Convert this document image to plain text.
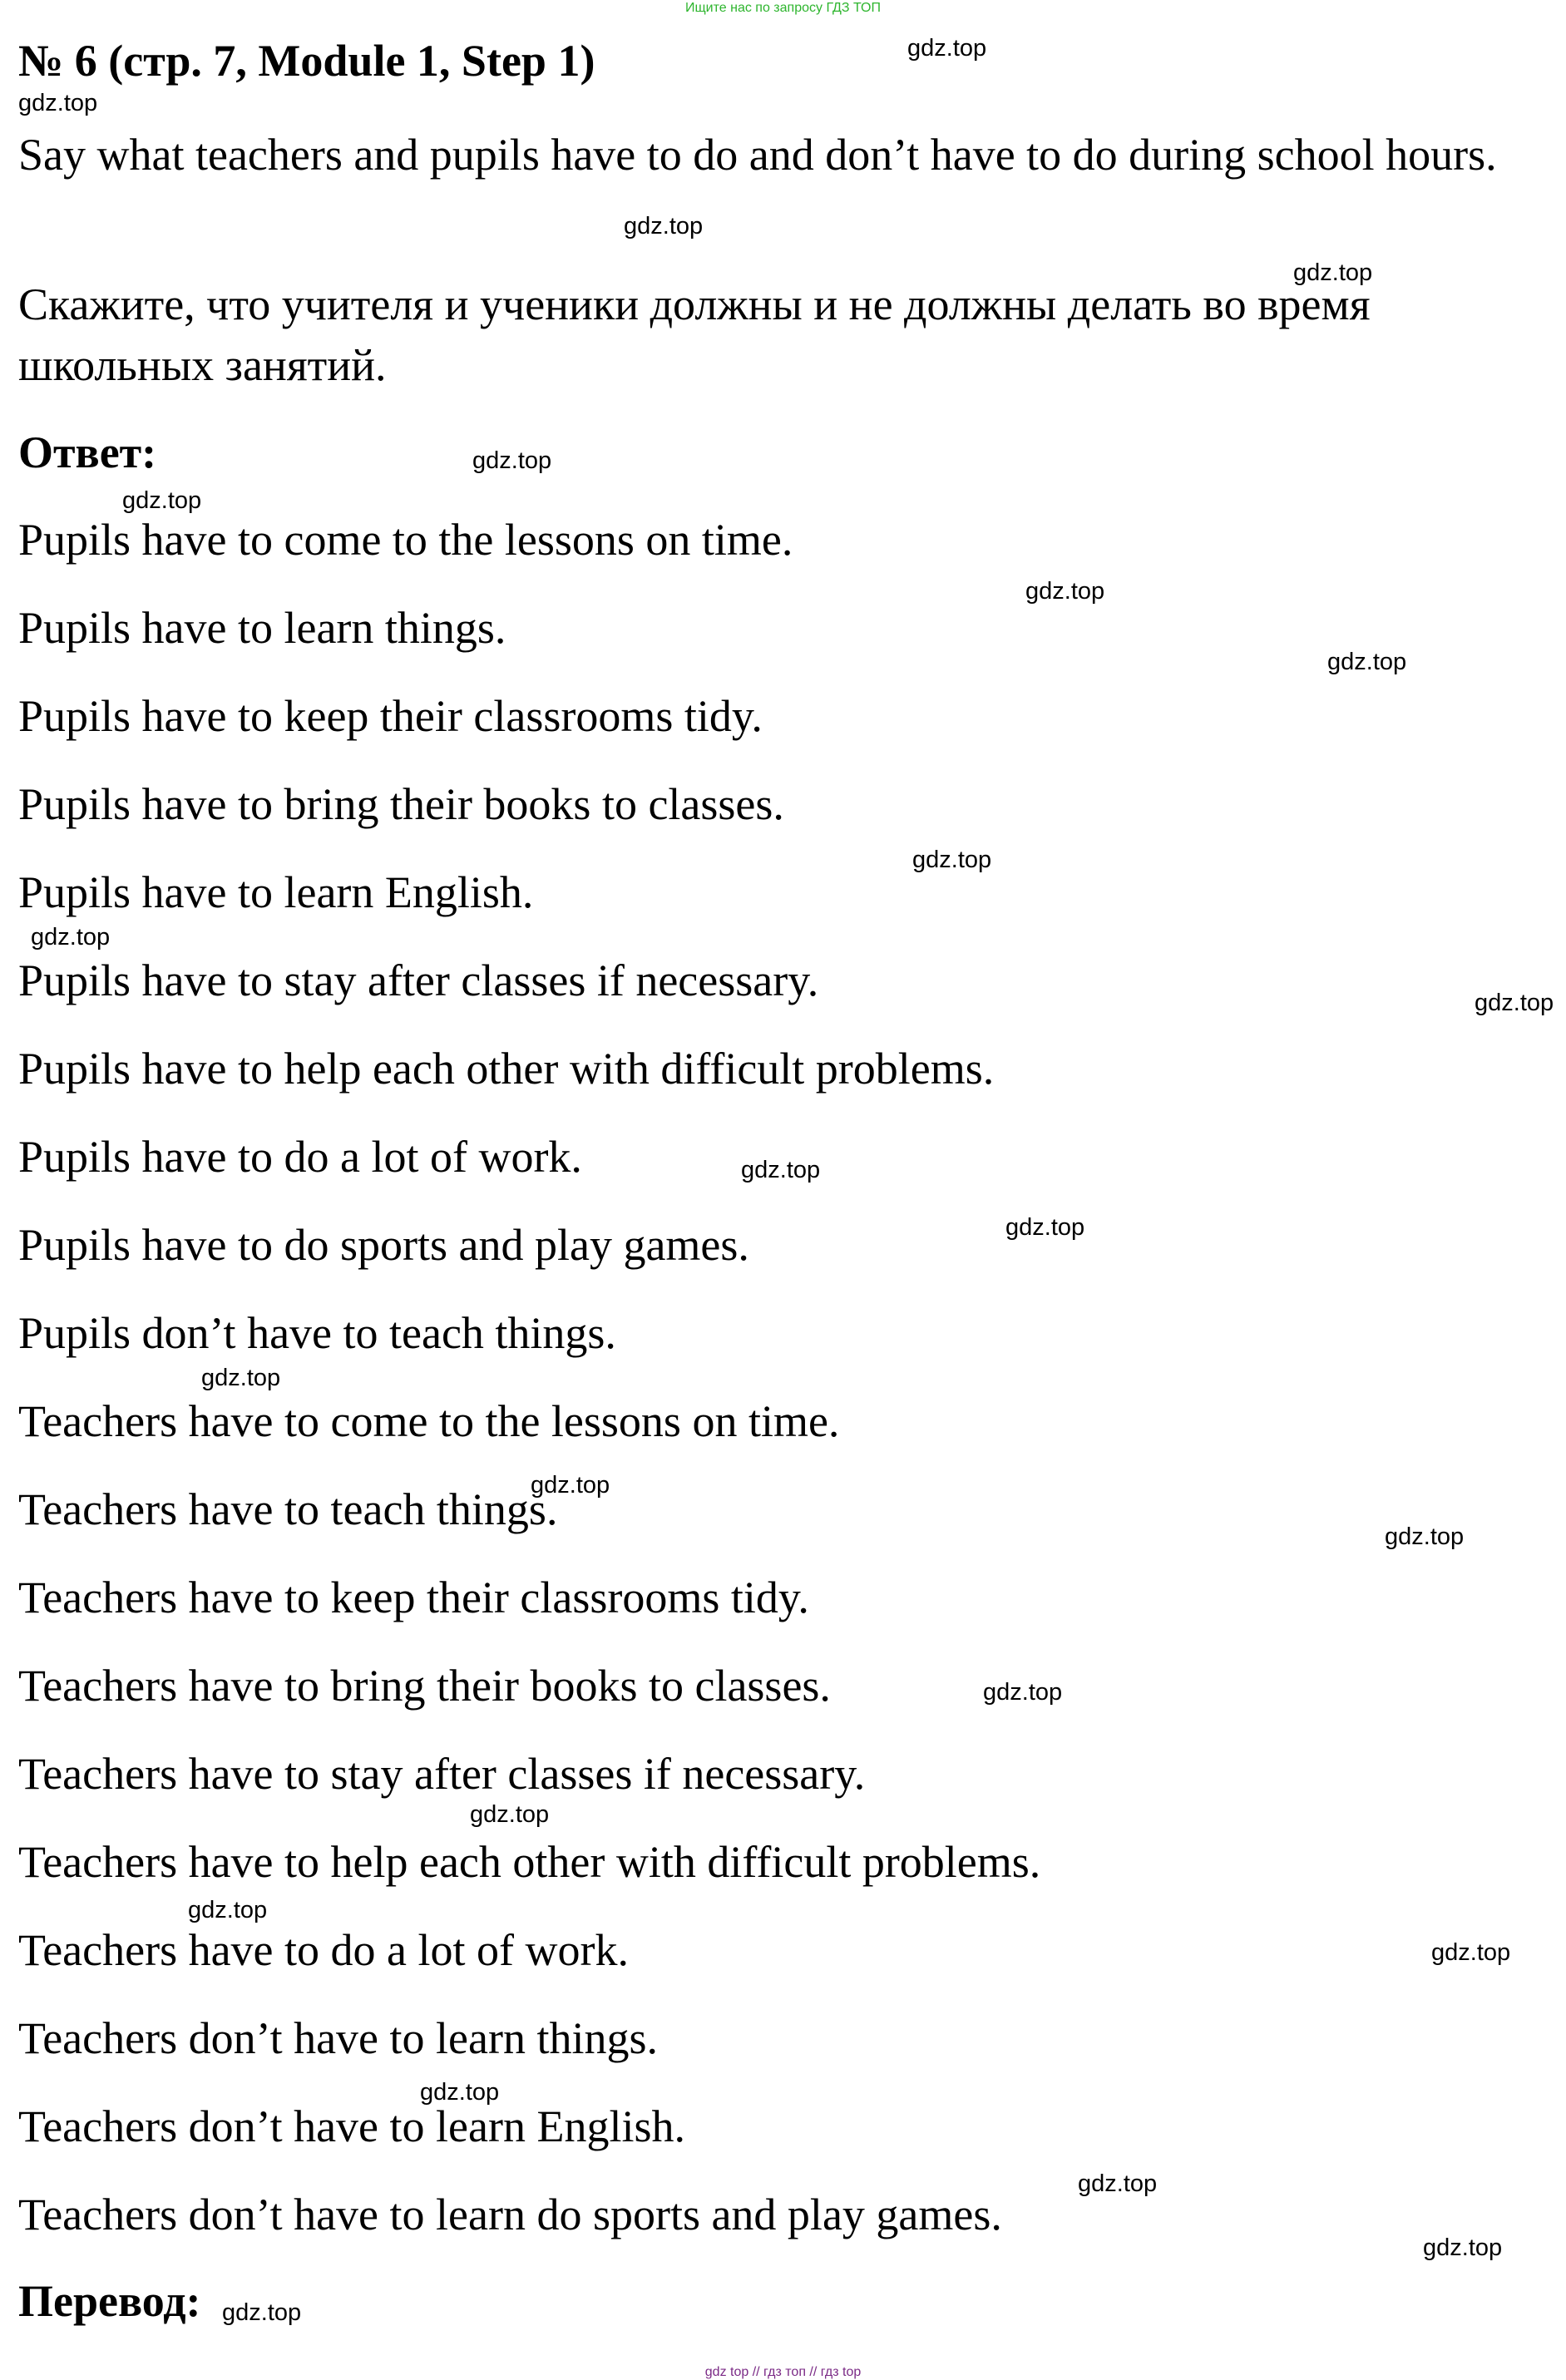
Ищите нас по запросу ГДЗ ТОП
№ 6 (стр. 7, Module 1, Step 1)
Say what teachers and pupils have to do and don’t have to do during school hours.
Скажите, что учителя и ученики должны и не должны делать во время школьных занятий.
Ответ:
Pupils have to come to the lessons on time.
Pupils have to learn things.
Pupils have to keep their classrooms tidy.
Pupils have to bring their books to classes.
Pupils have to learn English.
Pupils have to stay after classes if necessary.
Pupils have to help each other with difficult problems.
Pupils have to do a lot of work.
Pupils have to do sports and play games.
Pupils don’t have to teach things.
Teachers have to come to the lessons on time.
Teachers have to teach things.
Teachers have to keep their classrooms tidy.
Teachers have to bring their books to classes.
Teachers have to stay after classes if necessary.
Teachers have to help each other with difficult problems.
Teachers have to do a lot of work.
Teachers don’t have to learn things.
Teachers don’t have to learn English.
Teachers don’t have to learn do sports and play games.
Перевод:
gdz.top
gdz.top
gdz.top
gdz.top
gdz.top
gdz.top
gdz.top
gdz.top
gdz.top
gdz.top
gdz.top
gdz.top
gdz.top
gdz.top
gdz.top
gdz.top
gdz.top
gdz.top
gdz.top
gdz.top
gdz.top
gdz.top
gdz.top
gdz.top
gdz top // гдз топ // гдз top
